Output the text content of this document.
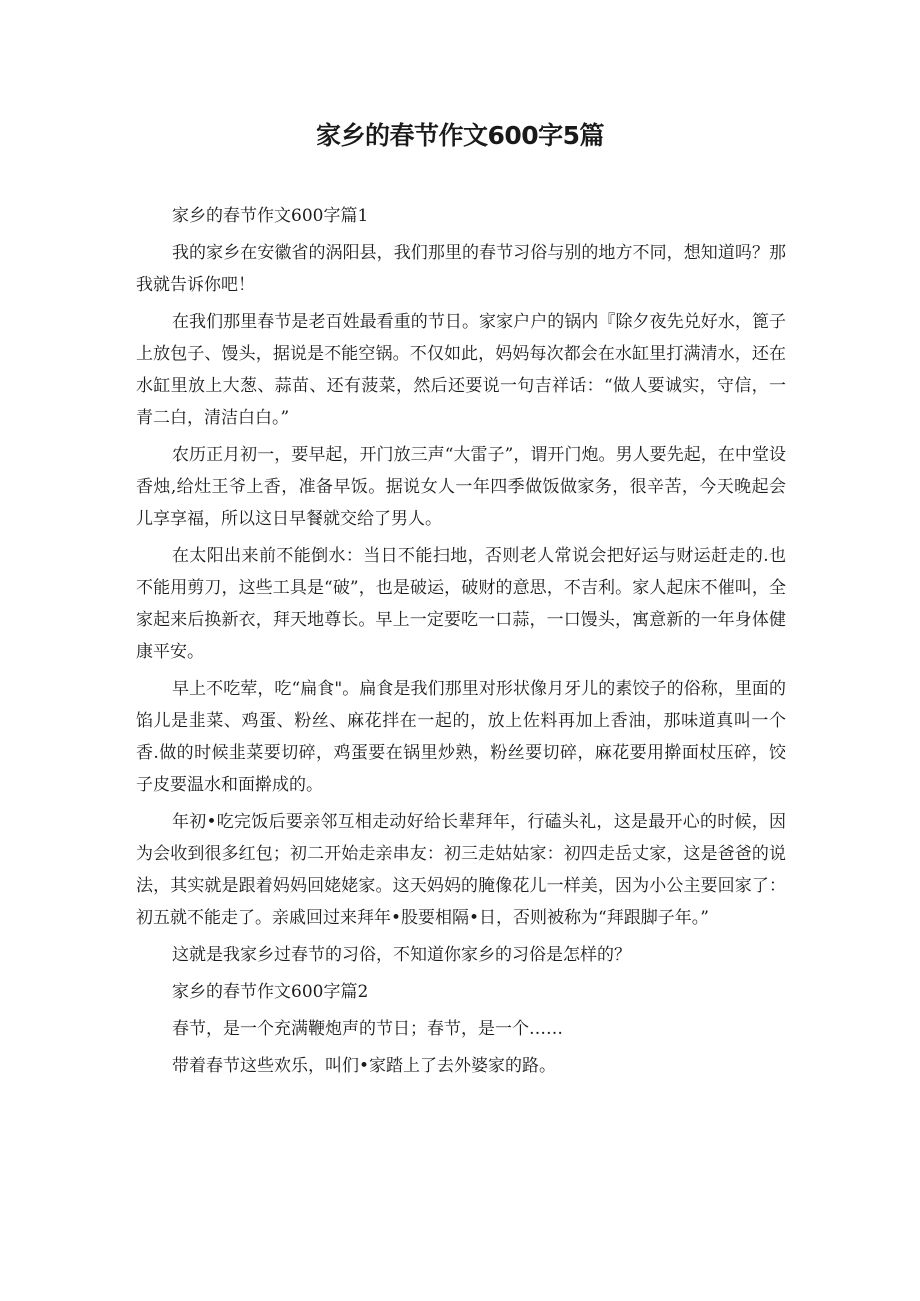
家乡的春节作文600字5篇

家乡的春节作文600字篇1

我的家乡在安徽省的涡阳县，我们那里的春节习俗与别的地方不同，想知道吗？那我就告诉你吧！

在我们那里春节是老百姓最看重的节日。家家户户的锅内『除夕夜先兑好水，篦子上放包子、馒头，据说是不能空锅。不仅如此，妈妈每次都会在水缸里打满清水，还在水缸里放上大葱、蒜苗、还有菠菜，然后还要说一句吉祥话：“做人要诚实，守信，一青二白，清洁白白。”

农历正月初一，要早起，开门放三声“大雷子”，谓开门炮。男人要先起，在中堂设香烛,给灶王爷上香，准备早饭。据说女人一年四季做饭做家务，很辛苦，今天晚起会儿享享福，所以这日早餐就交给了男人。

在太阳出来前不能倒水：当日不能扫地，否则老人常说会把好运与财运赶走的.也不能用剪刀，这些工具是“破”，也是破运，破财的意思，不吉利。家人起床不催叫，全家起来后换新衣，拜天地尊长。早上一定要吃一口蒜，一口馒头，寓意新的一年身体健康平安。

早上不吃荤，吃“扁食"。扁食是我们那里对形状像月牙儿的素饺子的俗称，里面的馅儿是韭菜、鸡蛋、粉丝、麻花拌在一起的，放上佐料再加上香油，那味道真叫一个香.做的时候韭菜要切碎，鸡蛋要在锅里炒熟，粉丝要切碎，麻花要用擀面杖压碎，饺子皮要温水和面擀成的。

年初•吃完饭后要亲邻互相走动好给长辈拜年，行磕头礼，这是最开心的时候，因为会收到很多红包；初二开始走亲串友：初三走姑姑家：初四走岳丈家，这是爸爸的说法，其实就是跟着妈妈回姥姥家。这天妈妈的腌像花儿一样美，因为小公主要回家了：初五就不能走了。亲戚回过来拜年•股要相隔•日，否则被称为“拜跟脚子年。”

这就是我家乡过春节的习俗，不知道你家乡的习俗是怎样的？

家乡的春节作文600字篇2

春节，是一个充满鞭炮声的节日；春节，是一个……

带着春节这些欢乐，叫们•家踏上了去外婆家的路。
